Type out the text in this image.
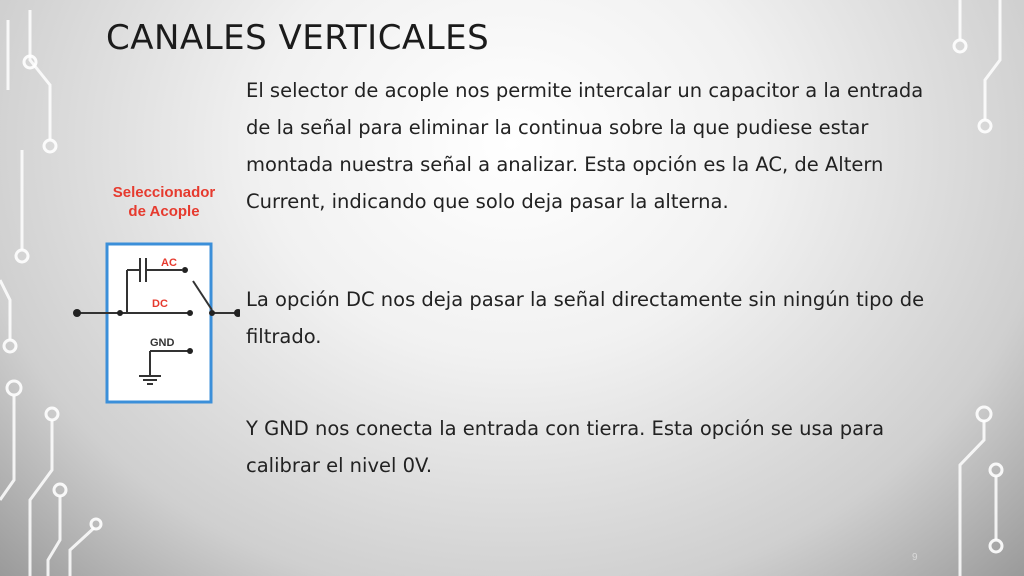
CANALES VERTICALES
El selector de acople nos permite intercalar un capacitor a la entrada de la señal para eliminar la continua sobre la que pudiese estar montada nuestra señal a analizar. Esta opción es la AC, de Altern Current, indicando que solo deja pasar la alterna.
La opción DC nos deja pasar la señal directamente sin ningún tipo de filtrado.
Y GND nos conecta la entrada con tierra. Esta opción se usa para calibrar el nivel 0V.
Seleccionador
de Acople
AC
DC
GND
9
